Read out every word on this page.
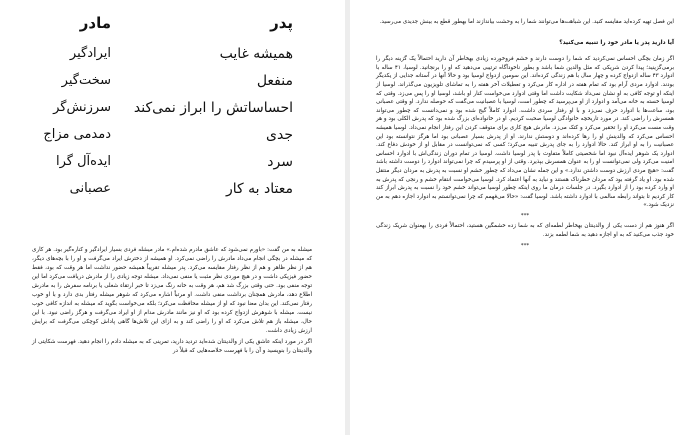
مادر	پدر
همیشه غایب
منفعل
احساساتش را ابراز نمی‌کند
جدی
سرد
معتاد به کار
ایرادگیر
سخت‌گیر
سرزنش‌گر
دمدمی مزاج
ایده‌آل گرا
عصبانی

میشله به من گفت: «باورم نمی‌شود که عاشق مادرم شده‌ام.» مادر میشله فردی بسیار ایرادگیر و کناره‌گیر بود. هر کاری که میشله در بچگی انجام می‌داد مادرش را راضی نمی‌کرد. او همیشه از دخترش ایراد می‌گرفت و او را با بچه‌های دیگر، هم از نظر ظاهر و هم از نظر رفتار مقایسه می‌کرد. پدر میشله تقریباً همیشه حضور نداشت اما هر وقت که بود، فقط حضور فیزیکی داشت و در هیچ موردی نظر مثبت یا منفی نمی‌داد. میشله توجه زیادی را از مادرش دریافت می‌کرد اما این توجه منفی بود. حتی وقتی بزرگ شد هم، هر وقت به خانه رنگ می‌زد تا خبر ارتقاء شغلی یا برنامه سفرش را به مادرش اطلاع دهد، مادرش همچنان برداشت منفی داشت. او مرتباً اشاره می‌کرد که شوهر میشله رفتار بدی دارد و با او خوب رفتار نمی‌کند. این بدان معنا نبود که او از میشله محافظت می‌کرد؛ بلکه می‌خواست بگوید که میشله به اندازه کافی خوب نیست. میشله با شوهرش ازدواج کرده بود که او نیز مانند مادرش مدام از او ایراد می‌گرفت و هرگز راضی نبود. با این حال، میشله باز هم تلاش می‌کرد که او را راضی کند و به ازای این تلاش‌ها گاهی پاداش کوچکی می‌گرفت که برایش ارزش زیادی داشت.

اگر در مورد اینکه عاشق یکی از والدینتان شده‌اید تردید دارید، تمرینی که به میشله دادم را انجام دهید. فهرست شکایتی از والدینتان را بنویسید و آن را با فهرست خلاصه‌هایی که قبلاً در

این فصل تهیه کرده‌اید مقایسه کنید. این شباهت‌ها می‌توانند شما را به وحشت بیاندازند اما بهطور قطع به بینش جدیدی می‌رسید.

آیا دارید پدر یا مادر خود را تنبیه می‌کنید؟

اگر زمان بچگی احساس نمی‌کردید که شما را دوست دارند و خشم فروخورده زیادی بهخاطر آن دارید احتمالاً یک گزینه دیگر را برمی‌گزینید؛ پیدا کردن شریکی که مثل والدین شما باشد و بطور ناخودآگاه ترتیبی می‌دهید که او را برنجانید. لوسیا، ۴۱ ساله با ادوارد ۴۳ ساله ازدواج کرده و چهار سال با هم زندگی کرده‌اند. این سومین ازدواج لوسیا بود و حالا آنها در آستانه جدایی از یکدیگر بودند. ادوارد مردی آرام بود که تمام هفته در اداره کار می‌کرد و تعطیلات آخر هفته را به تماشای تلویزیون می‌گذراند. لوسیا از اینکه او توجه کافی به او نشان نمی‌داد شکایت داشت اما وقتی ادوارد می‌خواست کنار او باشد، لوسیا او را پس می‌زد. وقتی که لوسیا خسته به خانه می‌آمد و ادوارد از او می‌پرسید که چطور است، لوسیا با عصبانیت می‌گفت که حوصله ندارد. او وقتی عصبانی بود، ساعت‌ها با ادوارد حرف نمی‌زد و با او رفتار سردی داشت. ادوارد کاملاً گیج شده بود و نمی‌دانست که چطور می‌تواند همسرش را راضی کند. در مورد تاریخچه خانوادگی لوسیا صحبت کردیم. او در خانواده‌ای بزرگ شده بود که پدرش الکلی بود و هر وقت مست می‌کرد او را تحقیر می‌کرد و کتک می‌زد. مادرش هیچ کاری برای متوقف کردن این رفتار انجام نمی‌داد. لوسیا همیشه احساس می‌کرد که والدینش او را رها کرده‌اند و دوستش ندارند. او از پدرش بسیار عصبانی بود اما هرگز نتوانسته بود این عصبانیت را به او ابراز کند. حالا ادوارد را به جای پدرش تنبیه می‌کرد؛ کسی که نمی‌توانست در مقابل او از خودش دفاع کند. ادوارد یک شوهر ایده‌آل نبود اما شخصیتی کاملاً متفاوت با پدر لوسیا داشت. لوسیا در تمام دوران زندگی‌اش با ادوارد احساس امنیت می‌کرد ولی نمی‌توانست او را به عنوان همسرش بپذیرد. وقتی از او پرسیدم که چرا نمی‌تواند ادوارد را دوست داشته باشد گفت: «هیچ مردی ارزش دوست داشتن ندارد.» و این جمله نشان می‌داد که چطور خشم او نسبت به پدرش به مردان دیگر منتقل شده بود. او یاد گرفته بود که مردان خطرناک هستند و نباید به آنها اعتماد کرد. لوسیا می‌خواست انتقام خشم و رنجی که پدرش به او وارد کرده بود را از ادوارد بگیرد. در جلسات درمان ما روی اینکه چطور لوسیا می‌تواند خشم خود را نسبت به پدرش ابراز کند کار کردیم تا بتواند رابطه سالمی با ادوارد داشته باشد. لوسیا گفت: «حالا می‌فهمم که چرا نمی‌توانستم به ادوارد اجازه دهم به من نزدیک شود.»

***

اگر هنوز هم از دست یکی از والدینتان بهخاطر لطمه‌ای که به شما زده خشمگین هستید، احتمالاً فردی را بهعنوان شریک زندگی خود جذب می‌کنید که به او اجازه دهید به شما لطمه بزند.

***
